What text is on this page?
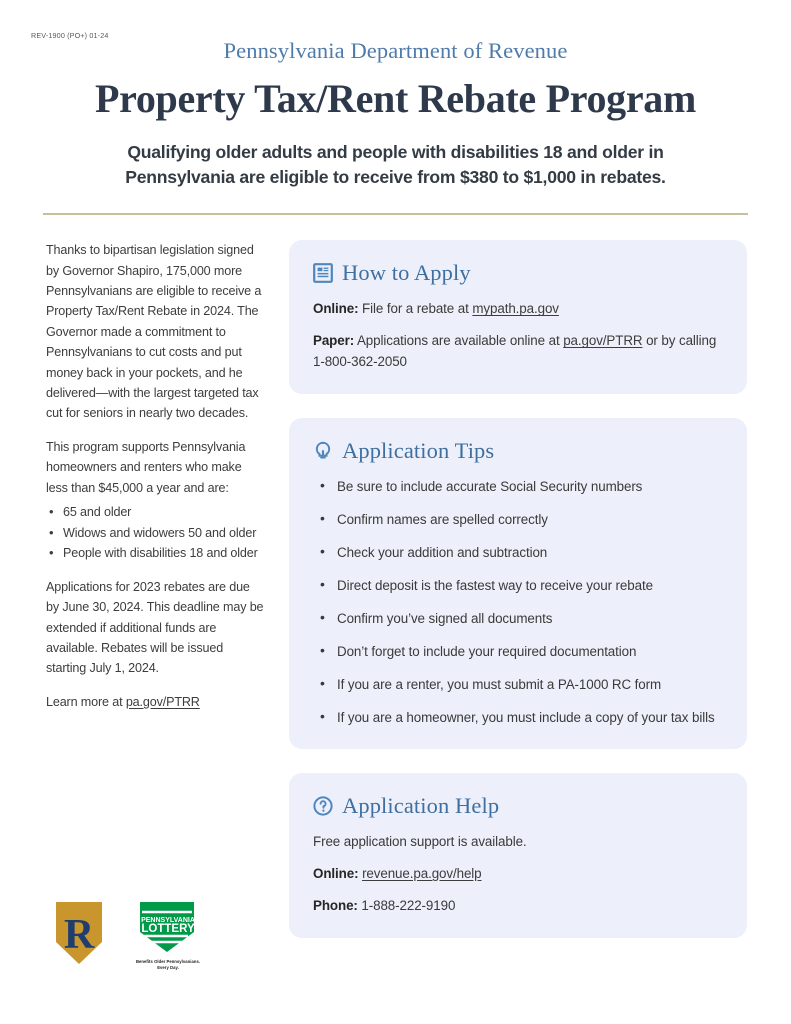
REV-1900 (PO+) 01-24
Pennsylvania Department of Revenue
Property Tax/Rent Rebate Program
Qualifying older adults and people with disabilities 18 and older in
Pennsylvania are eligible to receive from $380 to $1,000 in rebates.

Thanks to bipartisan legislation signed by Governor Shapiro, 175,000 more Pennsylvanians are eligible to receive a Property Tax/Rent Rebate in 2024. The Governor made a commitment to Pennsylvanians to cut costs and put money back in your pockets, and he delivered—with the largest targeted tax cut for seniors in nearly two decades.

This program supports Pennsylvania homeowners and renters who make less than $45,000 a year and are:

• 65 and older
• Widows and widowers 50 and older
• People with disabilities 18 and older

Applications for 2023 rebates are due by June 30, 2024. This deadline may be extended if additional funds are available. Rebates will be issued starting July 1, 2024.

Learn more at pa.gov/PTRR

How to Apply

Online: File for a rebate at mypath.pa.gov

Paper: Applications are available online at pa.gov/PTRR or by calling 1-800-362-2050

Application Tips
• Be sure to include accurate Social Security numbers
• Confirm names are spelled correctly
• Check your addition and subtraction
• Direct deposit is the fastest way to receive your rebate
• Confirm you’ve signed all documents
• Don’t forget to include your required documentation
• If you are a renter, you must submit a PA-1000 RC form
• If you are a homeowner, you must include a copy of your tax bills
Application Help

Free application support is available.

Online: revenue.pa.gov/help

Phone: 1-888-222-9190

R	PENNSYLVANIA
LOTTERY
Benefits Older Pennsylvanians.
Every Day.
